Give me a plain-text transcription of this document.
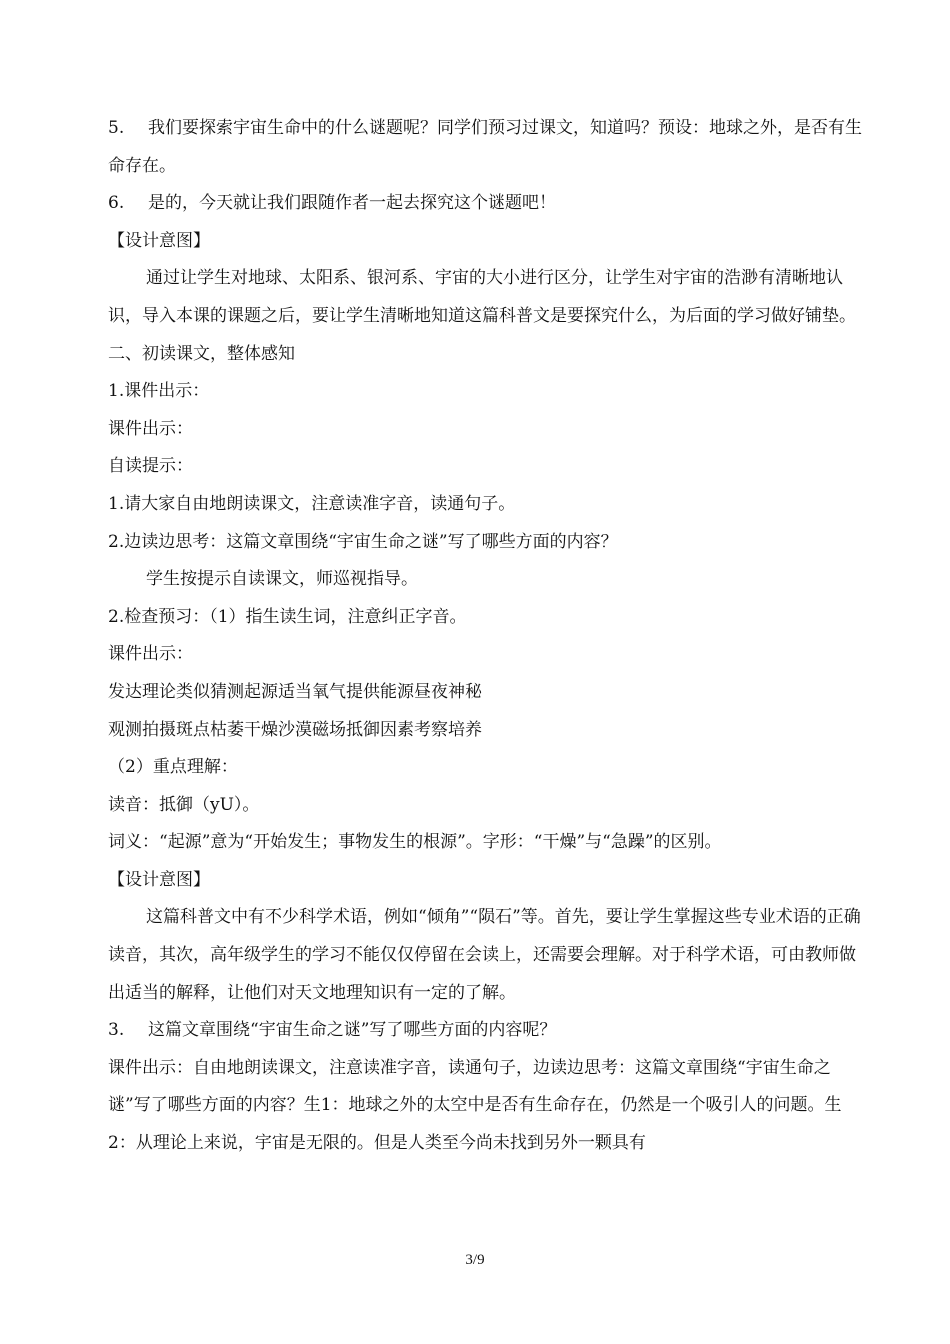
5. 我们要探索宇宙生命中的什么谜题呢？同学们预习过课文，知道吗？预设：地球之外，是否有生命存在。

6. 是的，今天就让我们跟随作者一起去探究这个谜题吧！

【设计意图】

通过让学生对地球、太阳系、银河系、宇宙的大小进行区分，让学生对宇宙的浩渺有清晰地认识，导入本课的课题之后，要让学生清晰地知道这篇科普文是要探究什么，为后面的学习做好铺垫。

二、初读课文，整体感知

1.课件出示：

课件出示：

自读提示：

1.请大家自由地朗读课文，注意读准字音，读通句子。

2.边读边思考：这篇文章围绕“宇宙生命之谜”写了哪些方面的内容？

学生按提示自读课文，师巡视指导。

2.检查预习：（1）指生读生词，注意纠正字音。

课件出示：

发达理论类似猜测起源适当氧气提供能源昼夜神秘

观测拍摄斑点枯萎干燥沙漠磁场抵御因素考察培养

（2）重点理解：

读音：抵御（yU）。

词义：“起源”意为“开始发生；事物发生的根源”。字形：“干燥”与“急躁”的区别。

【设计意图】

这篇科普文中有不少科学术语，例如“倾角”“陨石”等。首先，要让学生掌握这些专业术语的正确读音，其次，高年级学生的学习不能仅仅停留在会读上，还需要会理解。对于科学术语，可由教师做出适当的解释，让他们对天文地理知识有一定的了解。

3. 这篇文章围绕“宇宙生命之谜”写了哪些方面的内容呢？

课件出示：自由地朗读课文，注意读准字音，读通句子，边读边思考：这篇文章围绕“宇宙生命之谜”写了哪些方面的内容？生1：地球之外的太空中是否有生命存在，仍然是一个吸引人的问题。生2：从理论上来说，宇宙是无限的。但是人类至今尚未找到另外一颗具有

3/9
